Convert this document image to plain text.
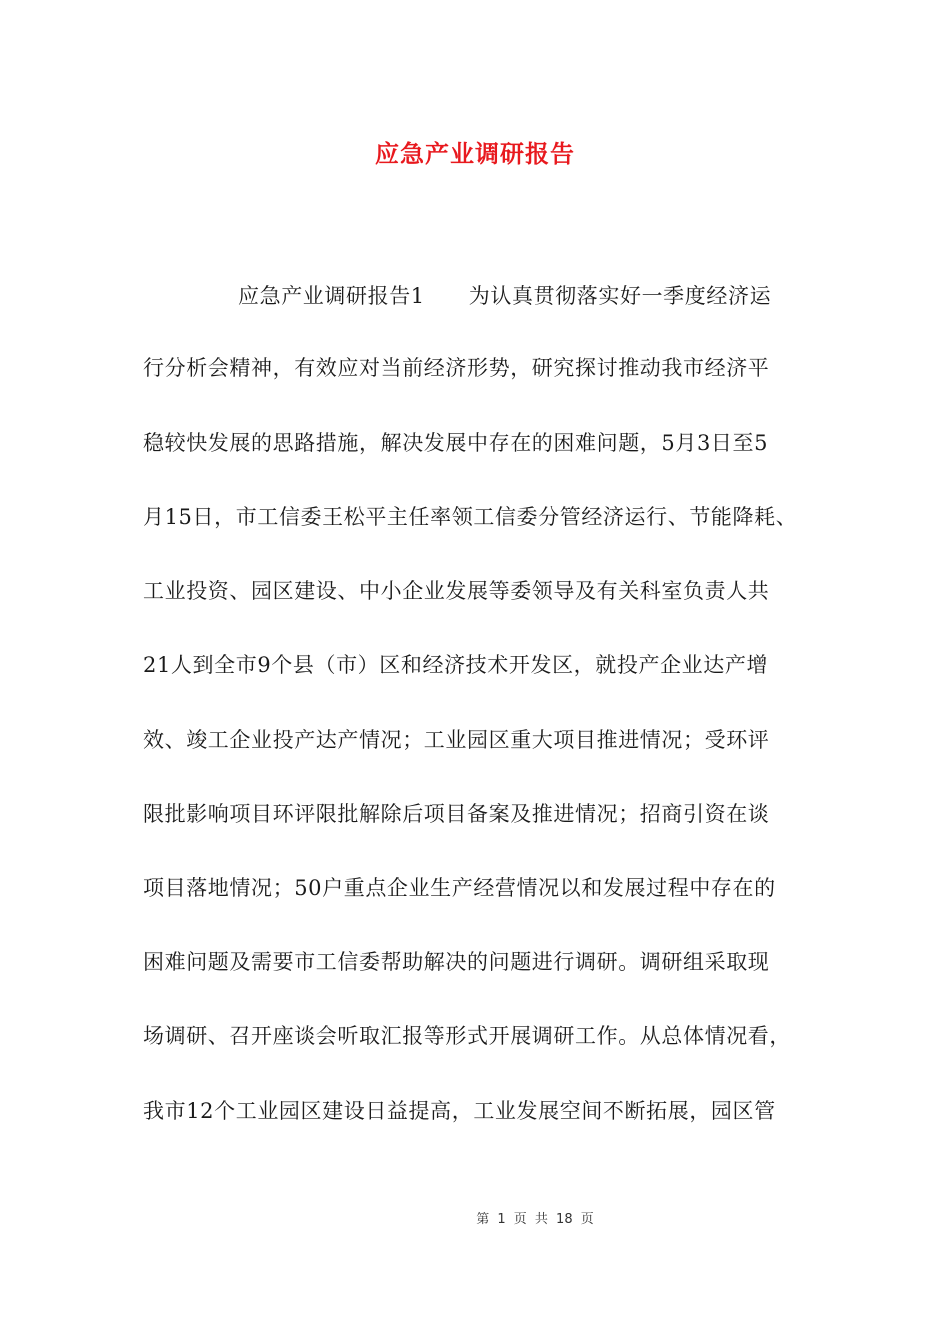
应急产业调研报告
应急产业调研报告1 为认真贯彻落实好一季度经济运
行分析会精神，有效应对当前经济形势，研究探讨推动我市经济平
稳较快发展的思路措施，解决发展中存在的困难问题，5月3日至5
月15日，市工信委王松平主任率领工信委分管经济运行、节能降耗、
工业投资、园区建设、中小企业发展等委领导及有关科室负责人共
21人到全市9个县（市）区和经济技术开发区，就投产企业达产增
效、竣工企业投产达产情况；工业园区重大项目推进情况；受环评
限批影响项目环评限批解除后项目备案及推进情况；招商引资在谈
项目落地情况；50户重点企业生产经营情况以和发展过程中存在的
困难问题及需要市工信委帮助解决的问题进行调研。调研组采取现
场调研、召开座谈会听取汇报等形式开展调研工作。从总体情况看，
我市12个工业园区建设日益提高，工业发展空间不断拓展，园区管
第 1 页 共 18 页
